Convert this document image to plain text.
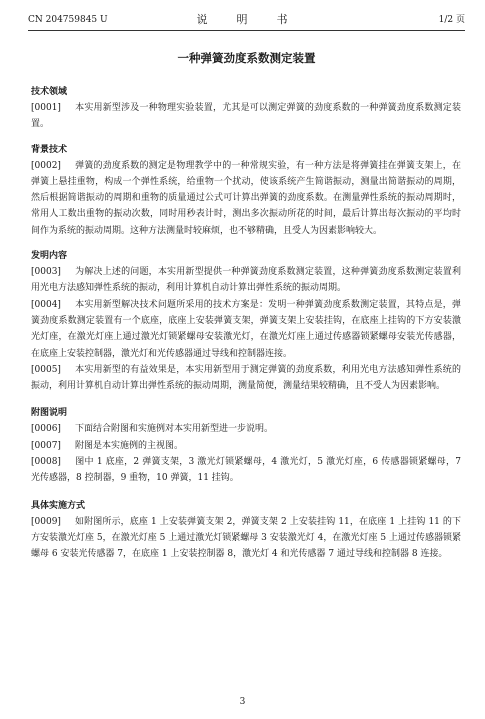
CN 204759845 U	说　明　书	1/2 页
一种弹簧劲度系数测定装置
技术领域

[0001] 本实用新型涉及一种物理实验装置，尤其是可以测定弹簧的劲度系数的一种弹簧劲度系数测定装置。

背景技术

[0002] 弹簧的劲度系数的测定是物理教学中的一种常规实验，有一种方法是将弹簧挂在弹簧支架上，在弹簧上悬挂重物，构成一个弹性系统，给重物一个扰动，使该系统产生简谐振动，测量出简谐振动的周期，然后根据简谐振动的周期和重物的质量通过公式可计算出弹簧的劲度系数。在测量弹性系统的振动周期时，常用人工数出重物的振动次数，同时用秒表计时，测出多次振动所花的时间，最后计算出每次振动的平均时间作为系统的振动周期。这种方法测量时较麻烦，也不够精确，且受人为因素影响较大。

发明内容

[0003] 为解决上述的问题，本实用新型提供一种弹簧劲度系数测定装置，这种弹簧劲度系数测定装置利用光电方法感知弹性系统的振动，利用计算机自动计算出弹性系统的振动周期。

[0004] 本实用新型解决技术问题所采用的技术方案是：发明一种弹簧劲度系数测定装置，其特点是，弹簧劲度系数测定装置有一个底座，底座上安装弹簧支架，弹簧支架上安装挂钩，在底座上挂钩的下方安装激光灯座，在激光灯座上通过激光灯锁紧螺母安装激光灯，在激光灯座上通过传感器锁紧螺母安装光传感器，在底座上安装控制器，激光灯和光传感器通过导线和控制器连接。

[0005] 本实用新型的有益效果是，本实用新型用于测定弹簧的劲度系数，利用光电方法感知弹性系统的振动，利用计算机自动计算出弹性系统的振动周期，测量简便，测量结果较精确，且不受人为因素影响。

附图说明

[0006] 下面结合附图和实施例对本实用新型进一步说明。

[0007] 附图是本实施例的主视图。

[0008] 图中 1 底座，2 弹簧支架，3 激光灯锁紧螺母，4 激光灯，5 激光灯座，6 传感器锁紧螺母，7 光传感器，8 控制器，9 重物，10 弹簧，11 挂钩。

具体实施方式

[0009] 如附图所示，底座 1 上安装弹簧支架 2，弹簧支架 2 上安装挂钩 11，在底座 1 上挂钩 11 的下方安装激光灯座 5，在激光灯座 5 上通过激光灯锁紧螺母 3 安装激光灯 4，在激光灯座 5 上通过传感器锁紧螺母 6 安装光传感器 7，在底座 1 上安装控制器 8，激光灯 4 和光传感器 7 通过导线和控制器 8 连接。

3
